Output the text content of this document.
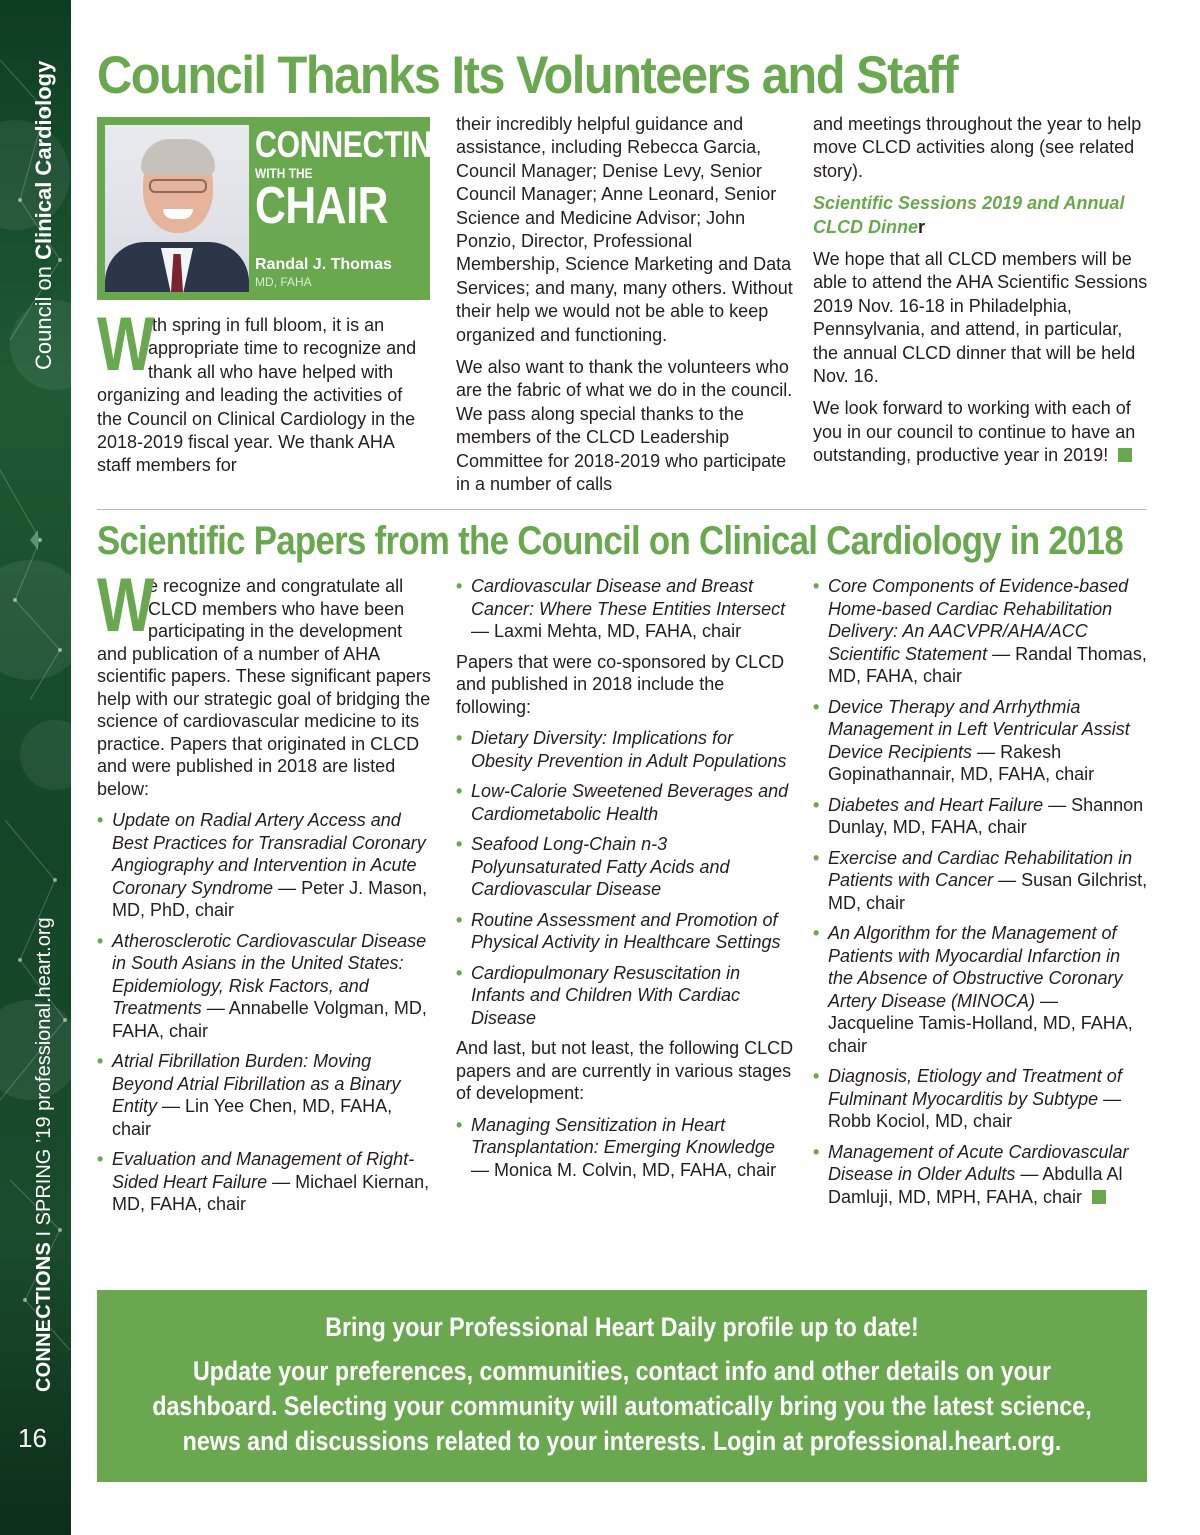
Council on Clinical Cardiology
CONNECTIONS I SPRING ’19 professional.heart.org
16
Council Thanks Its Volunteers and Staff
CONNECTING
WITH THE
CHAIR
Randal J. Thomas
MD, FAHA

W
ith spring in full bloom, it is an appropriate time to recognize and thank all who have helped with organizing and leading the activities of the Council on Clinical Cardiology in the 2018-2019 fiscal year. We thank AHA staff members for

their incredibly helpful guidance and assistance, including Rebecca Garcia, Council Manager; Denise Levy, Senior Council Manager; Anne Leonard, Senior Science and Medicine Advisor; John Ponzio, Director, Professional Membership, Science Marketing and Data Services; and many, many others. Without their help we would not be able to keep organized and functioning.

We also want to thank the volunteers who are the fabric of what we do in the council. We pass along special thanks to the members of the CLCD Leadership Committee for 2018-2019 who participate in a number of calls

and meetings throughout the year to help move CLCD activities along (see related story).

Scientific Sessions 2019 and Annual CLCD Dinner

We hope that all CLCD members will be able to attend the AHA Scientific Sessions 2019 Nov. 16-18 in Philadelphia, Pennsylvania, and attend, in particular, the annual CLCD dinner that will be held Nov. 16.

We look forward to working with each of you in our council to continue to have an outstanding, productive year in 2019!

Scientific Papers from the Council on Clinical Cardiology in 2018

W
e recognize and congratulate all CLCD members who have been participating in the development and publication of a number of AHA scientific papers. These significant papers help with our strategic goal of bridging the science of cardiovascular medicine to its practice. Papers that originated in CLCD and were published in 2018 are listed below:

• Update on Radial Artery Access and Best Practices for Transradial Coronary Angiography and Intervention in Acute Coronary Syndrome — Peter J. Mason, MD, PhD, chair
• Atherosclerotic Cardiovascular Disease in South Asians in the United States: Epidemiology, Risk Factors, and Treatments — Annabelle Volgman, MD, FAHA, chair
• Atrial Fibrillation Burden: Moving Beyond Atrial Fibrillation as a Binary Entity — Lin Yee Chen, MD, FAHA, chair
• Evaluation and Management of Right-Sided Heart Failure — Michael Kiernan, MD, FAHA, chair
• Cardiovascular Disease and Breast Cancer: Where These Entities Intersect — Laxmi Mehta, MD, FAHA, chair

Papers that were co-sponsored by CLCD and published in 2018 include the following:

• Dietary Diversity: Implications for Obesity Prevention in Adult Populations
• Low-Calorie Sweetened Beverages and Cardiometabolic Health
• Seafood Long-Chain n-3 Polyunsaturated Fatty Acids and Cardiovascular Disease
• Routine Assessment and Promotion of Physical Activity in Healthcare Settings
• Cardiopulmonary Resuscitation in Infants and Children With Cardiac Disease

And last, but not least, the following CLCD papers and are currently in various stages of development:

• Managing Sensitization in Heart Transplantation: Emerging Knowledge — Monica M. Colvin, MD, FAHA, chair
• Core Components of Evidence-based Home-based Cardiac Rehabilitation Delivery: An AACVPR/AHA/ACC Scientific Statement — Randal Thomas, MD, FAHA, chair
• Device Therapy and Arrhythmia Management in Left Ventricular Assist Device Recipients — Rakesh Gopinathannair, MD, FAHA, chair
• Diabetes and Heart Failure — Shannon Dunlay, MD, FAHA, chair
• Exercise and Cardiac Rehabilitation in Patients with Cancer — Susan Gilchrist, MD, chair
• An Algorithm for the Management of Patients with Myocardial Infarction in the Absence of Obstructive Coronary Artery Disease (MINOCA) — Jacqueline Tamis-Holland, MD, FAHA, chair
• Diagnosis, Etiology and Treatment of Fulminant Myocarditis by Subtype — Robb Kociol, MD, chair
• Management of Acute Cardiovascular Disease in Older Adults — Abdulla Al Damluji, MD, MPH, FAHA, chair
Bring your Professional Heart Daily profile up to date!
Update your preferences, communities, contact info and other details on your dashboard. Selecting your community will automatically bring you the latest science, news and discussions related to your interests. Login at professional.heart.org.
